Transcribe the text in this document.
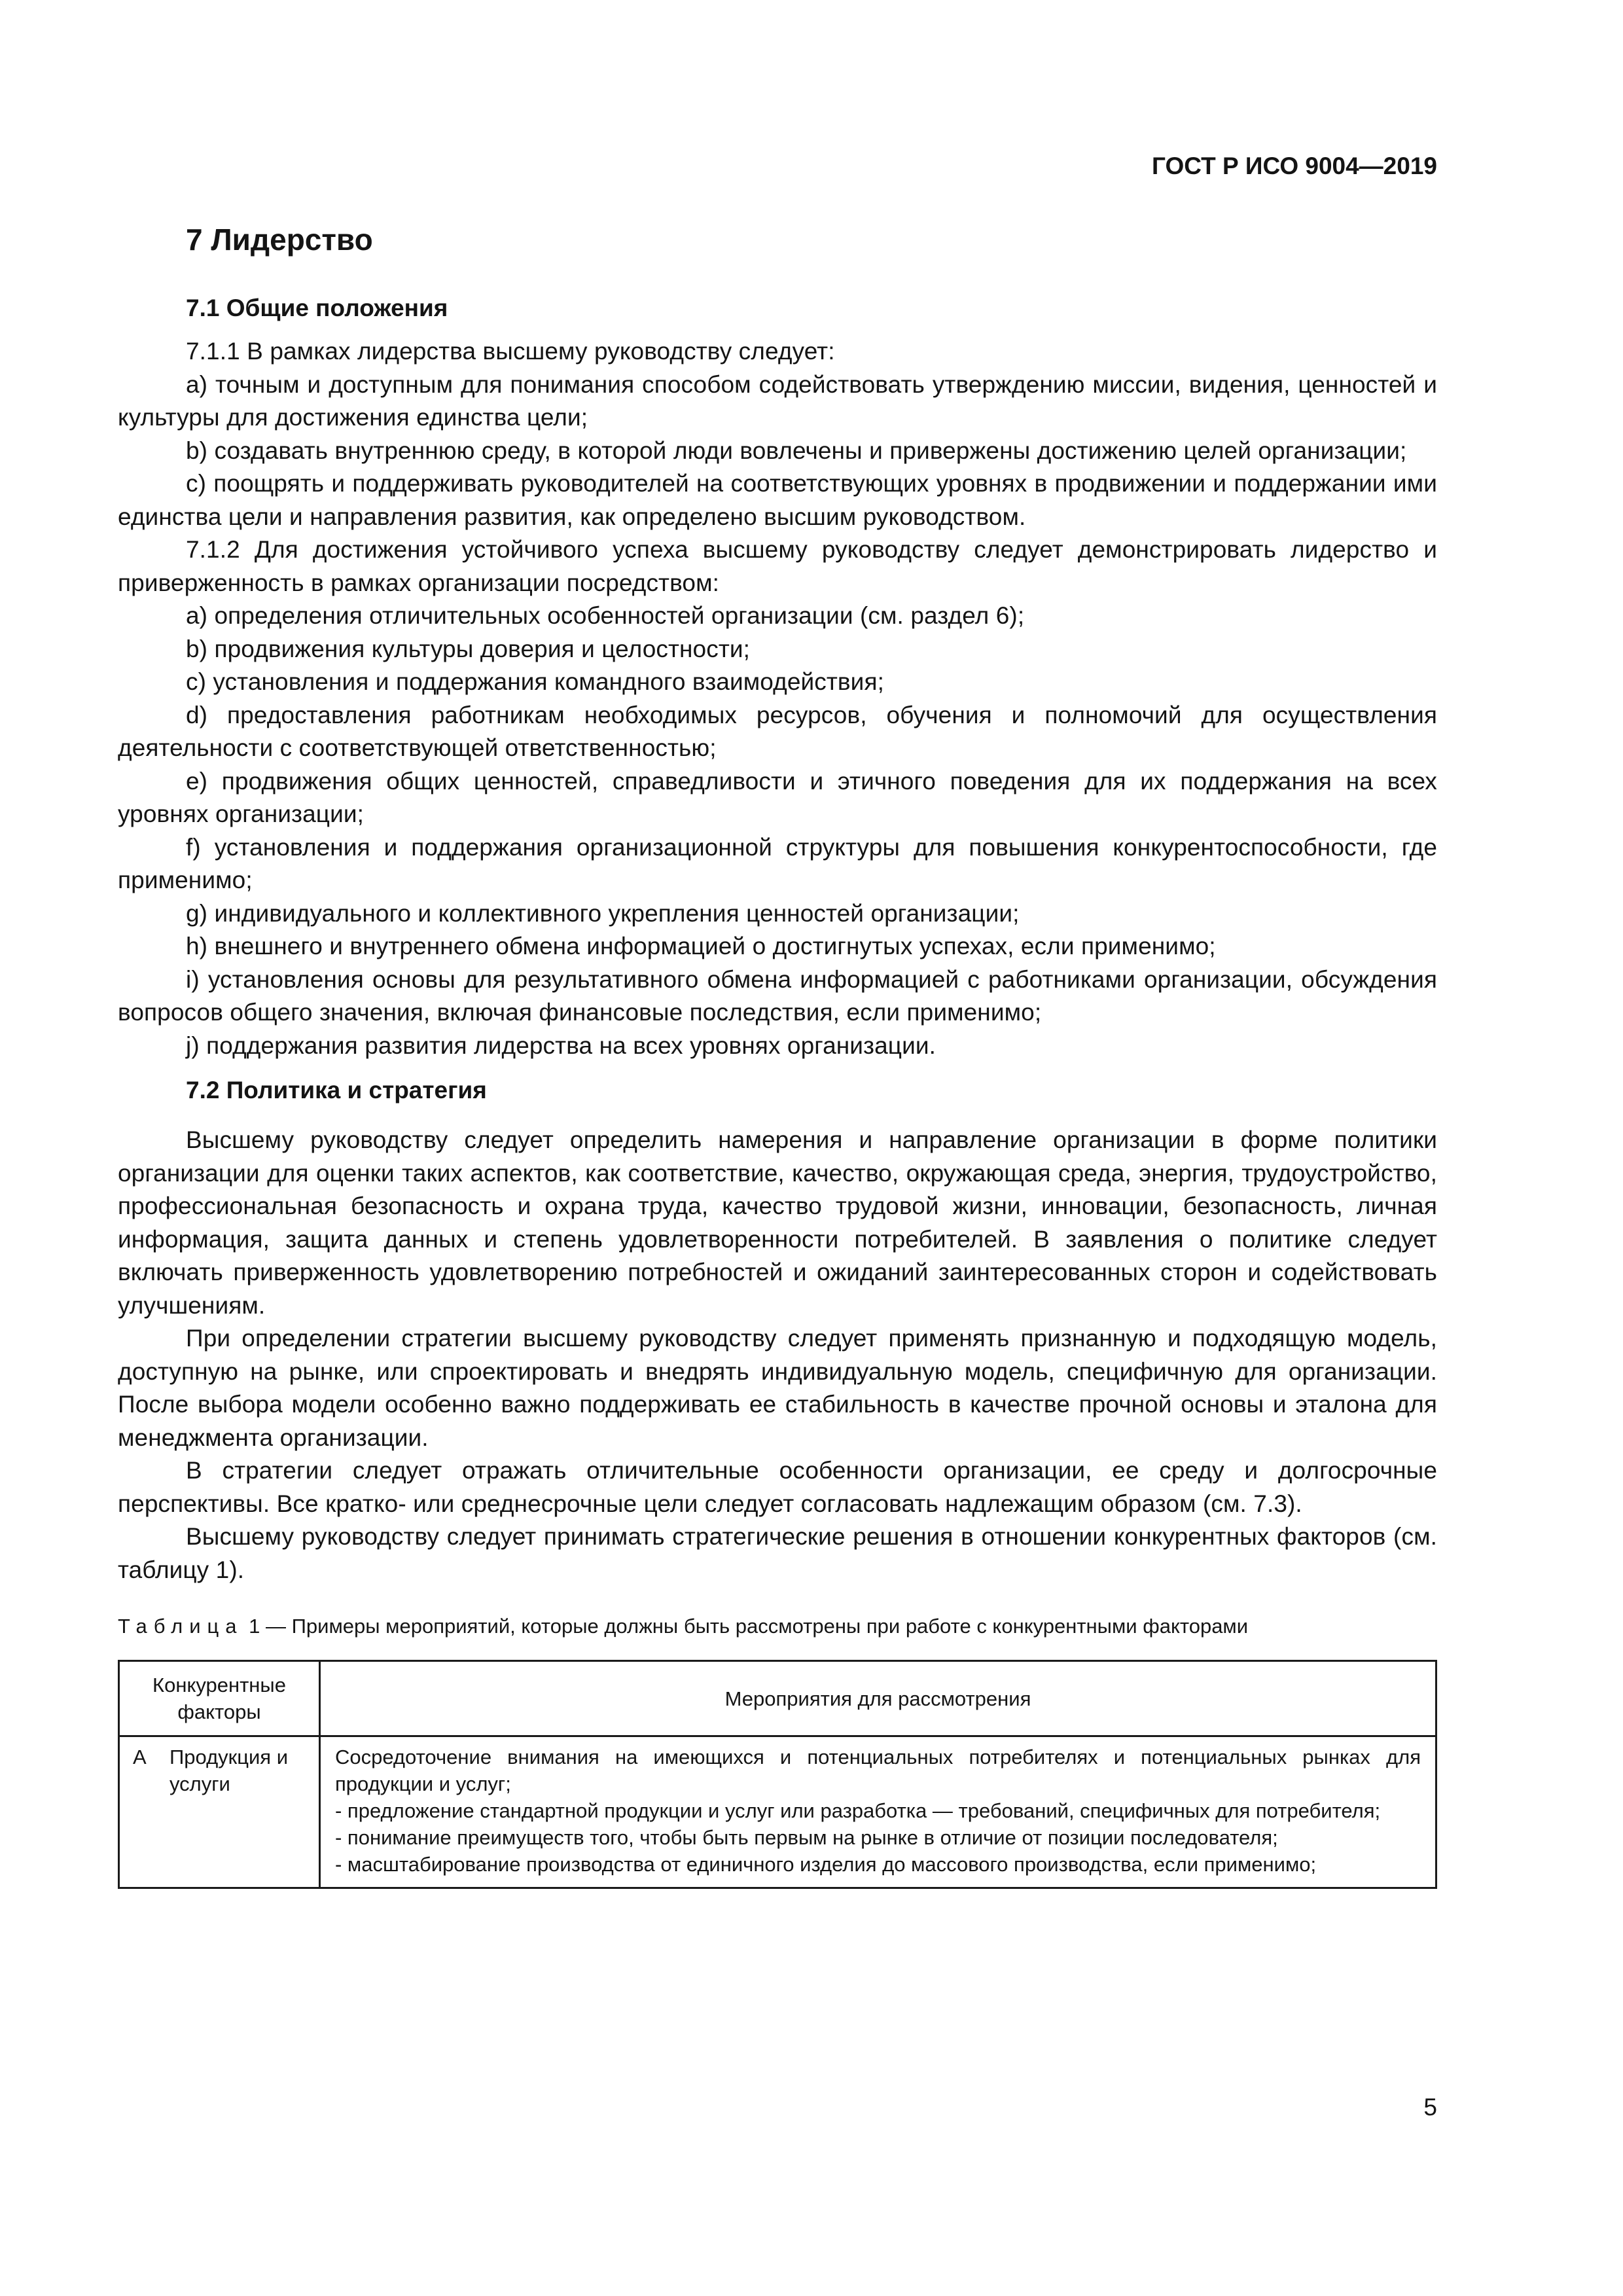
ГОСТ Р ИСО 9004—2019
7 Лидерство
7.1 Общие положения

7.1.1 В рамках лидерства высшему руководству следует:

a) точным и доступным для понимания способом содействовать утверждению миссии, видения, ценностей и культуры для достижения единства цели;

b) создавать внутреннюю среду, в которой люди вовлечены и привержены достижению целей организации;

c) поощрять и поддерживать руководителей на соответствующих уровнях в продвижении и поддержании ими единства цели и направления развития, как определено высшим руководством.

7.1.2 Для достижения устойчивого успеха высшему руководству следует демонстрировать лидерство и приверженность в рамках организации посредством:

a) определения отличительных особенностей организации (см. раздел 6);

b) продвижения культуры доверия и целостности;

c) установления и поддержания командного взаимодействия;

d) предоставления работникам необходимых ресурсов, обучения и полномочий для осуществления деятельности с соответствующей ответственностью;

e) продвижения общих ценностей, справедливости и этичного поведения для их поддержания на всех уровнях организации;

f) установления и поддержания организационной структуры для повышения конкурентоспособности, где применимо;

g) индивидуального и коллективного укрепления ценностей организации;

h) внешнего и внутреннего обмена информацией о достигнутых успехах, если применимо;

i) установления основы для результативного обмена информацией с работниками организации, обсуждения вопросов общего значения, включая финансовые последствия, если применимо;

j) поддержания развития лидерства на всех уровнях организации.

7.2 Политика и стратегия

Высшему руководству следует определить намерения и направление организации в форме политики организации для оценки таких аспектов, как соответствие, качество, окружающая среда, энергия, трудоустройство, профессиональная безопасность и охрана труда, качество трудовой жизни, инновации, безопасность, личная информация, защита данных и степень удовлетворенности потребителей. В заявления о политике следует включать приверженность удовлетворению потребностей и ожиданий заинтересованных сторон и содействовать улучшениям.

При определении стратегии высшему руководству следует применять признанную и подходящую модель, доступную на рынке, или спроектировать и внедрять индивидуальную модель, специфичную для организации. После выбора модели особенно важно поддерживать ее стабильность в качестве прочной основы и эталона для менеджмента организации.

В стратегии следует отражать отличительные особенности организации, ее среду и долгосрочные перспективы. Все кратко- или среднесрочные цели следует согласовать надлежащим образом (см. 7.3).

Высшему руководству следует принимать стратегические решения в отношении конкурентных факторов (см. таблицу 1).

Таблица 1 — Примеры мероприятий, которые должны быть рассмотрены при работе с конкурентными факторами
Конкурентные факторы		Мероприятия для рассмотрения
A	Продукция и услуги	Сосредоточение внимания на имеющихся и потенциальных потребителях и потенциальных рынках для продукции и услуг;
- предложение стандартной продукции и услуг или разработка — требований, специфичных для потребителя;
- понимание преимуществ того, чтобы быть первым на рынке в отличие от позиции последователя;
- масштабирование производства от единичного изделия до массового производства, если применимо;
5
